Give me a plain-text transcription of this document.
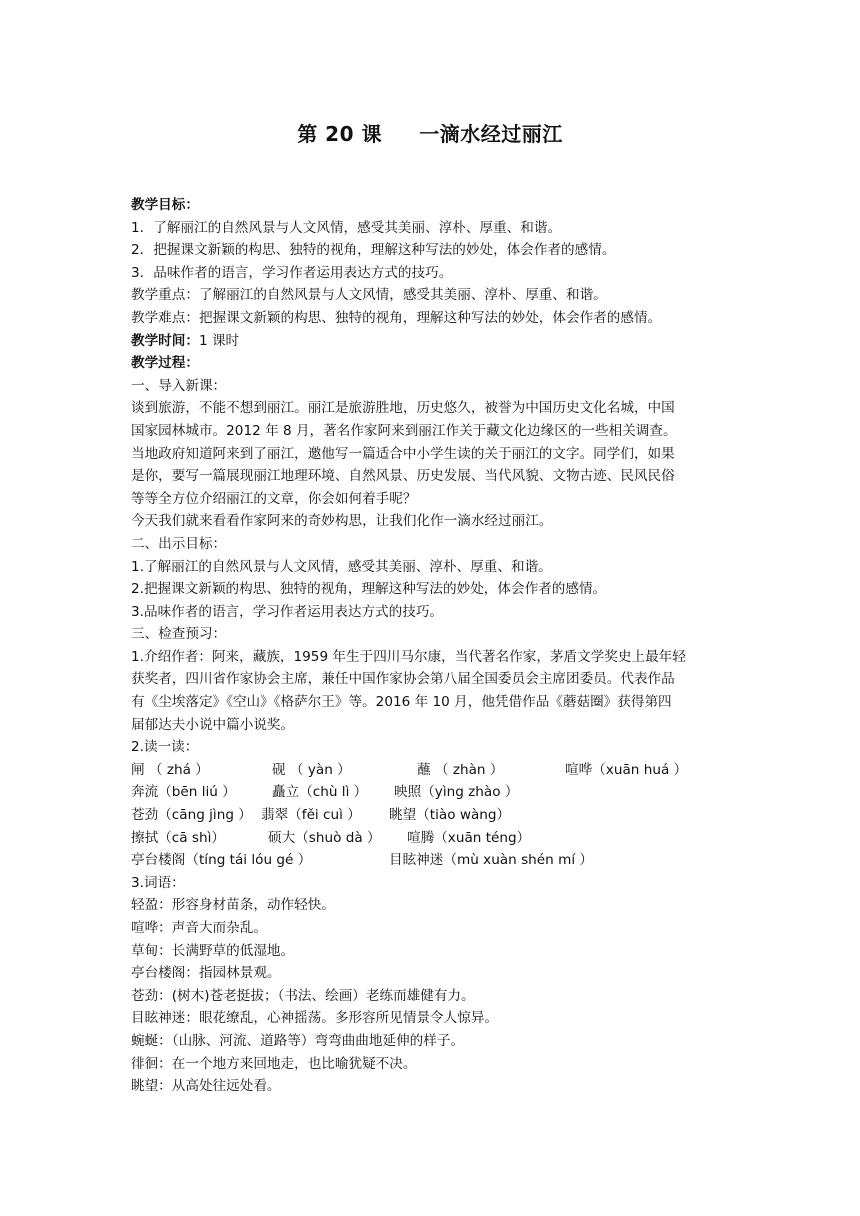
第 20 课     一滴水经过丽江
教学目标：
1．了解丽江的自然风景与人文风情，感受其美丽、淳朴、厚重、和谐。
2．把握课文新颖的构思、独特的视角，理解这种写法的妙处，体会作者的感情。
3．品味作者的语言，学习作者运用表达方式的技巧。
教学重点：了解丽江的自然风景与人文风情，感受其美丽、淳朴、厚重、和谐。
教学难点：把握课文新颖的构思、独特的视角，理解这种写法的妙处，体会作者的感情。
教学时间：1 课时
教学过程：
一、导入新课：
谈到旅游，不能不想到丽江。丽江是旅游胜地，历史悠久，被誉为中国历史文化名城，中国
国家园林城市。2012 年 8 月，著名作家阿来到丽江作关于藏文化边缘区的一些相关调查。
当地政府知道阿来到了丽江，邀他写一篇适合中小学生读的关于丽江的文字。同学们，如果
是你，要写一篇展现丽江地理环境、自然风景、历史发展、当代风貌、文物古迹、民风民俗
等等全方位介绍丽江的文章，你会如何着手呢？
今天我们就来看看作家阿来的奇妙构思，让我们化作一滴水经过丽江。
二、出示目标：
1.了解丽江的自然风景与人文风情，感受其美丽、淳朴、厚重、和谐。
2.把握课文新颖的构思、独特的视角，理解这种写法的妙处，体会作者的感情。
3.品味作者的语言，学习作者运用表达方式的技巧。
三、检查预习：
1.介绍作者：阿来，藏族，1959 年生于四川马尔康，当代著名作家，茅盾文学奖史上最年轻
获奖者，四川省作家协会主席，兼任中国作家协会第八届全国委员会主席团委员。代表作品
有《尘埃落定》《空山》《格萨尔王》等。2016 年 10 月，他凭借作品《蘑菇圈》获得第四
届郁达夫小说中篇小说奖。
2.读一读：
闸 （ zhá ）	砚 （ yàn ）	蘸 （ zhàn ）	喧哗（xuān huá ）
奔流（bēn liú ）	矗立（chù lì ） 映照（yìng zhào ）
苍劲（cāng jìng ） 翡翠（fěi cuì ） 眺望（tiào wàng）
擦拭（cā shì）	硕大（shuò dà ） 喧腾（xuān téng）
亭台楼阁（tíng tái lóu gé ）	目眩神迷（mù xuàn shén mí ）
3.词语：
轻盈：形容身材苗条，动作轻快。
喧哗：声音大而杂乱。
草甸：长满野草的低湿地。
亭台楼阁：指园林景观。
苍劲：(树木)苍老挺拔；（书法、绘画）老练而雄健有力。
目眩神迷：眼花缭乱，心神摇荡。多形容所见情景令人惊异。
蜿蜒：（山脉、河流、道路等）弯弯曲曲地延伸的样子。
徘徊：在一个地方来回地走，也比喻犹疑不决。
眺望：从高处往远处看。
